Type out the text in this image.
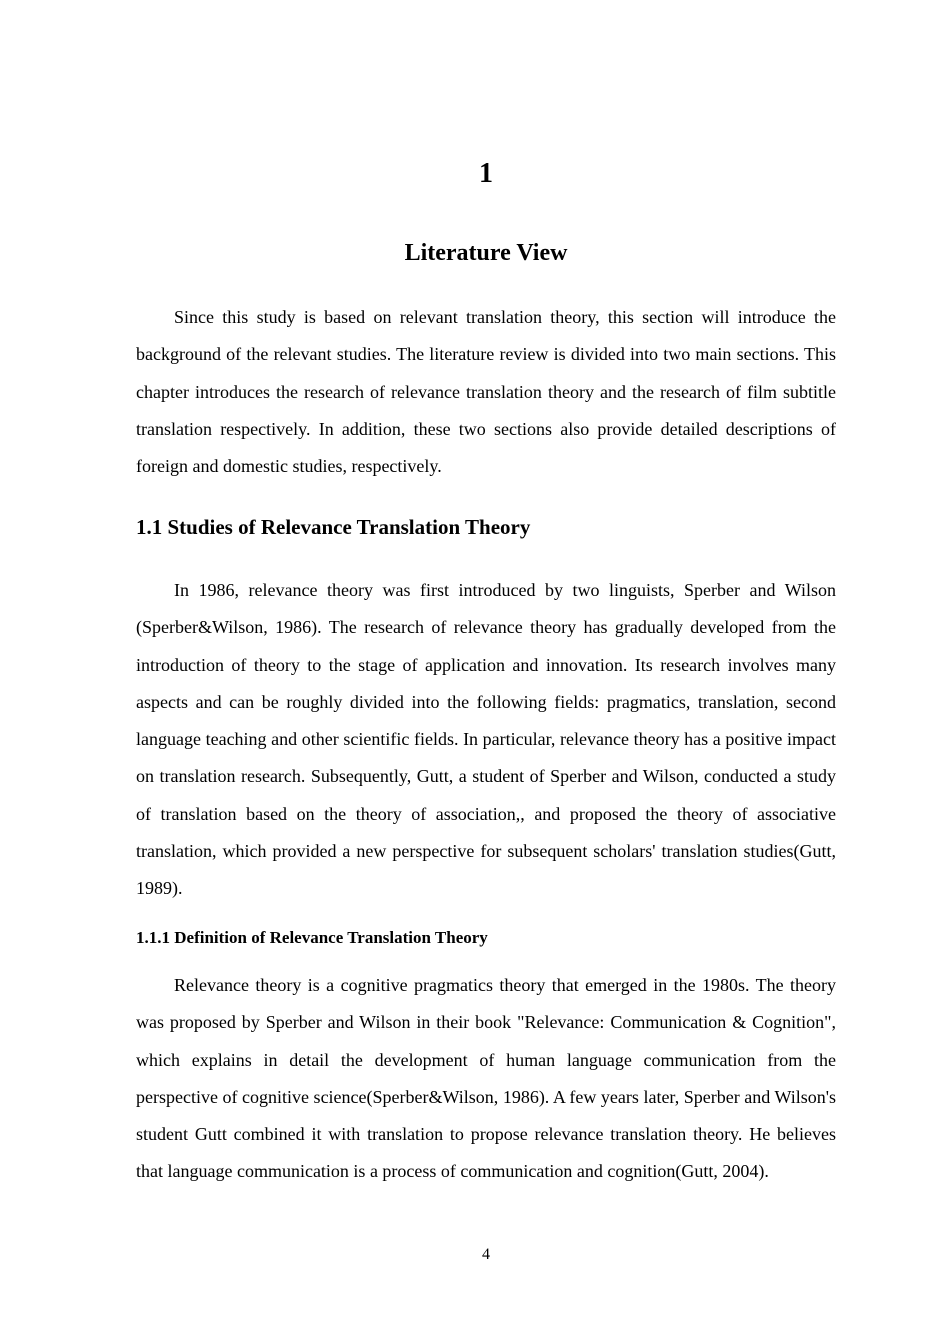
1
Literature View

Since this study is based on relevant translation theory, this section will introduce the background of the relevant studies. The literature review is divided into two main sections. This chapter introduces the research of relevance translation theory and the research of film subtitle translation respectively. In addition, these two sections also provide detailed descriptions of foreign and domestic studies, respectively.

1.1 Studies of Relevance Translation Theory

In 1986, relevance theory was first introduced by two linguists, Sperber and Wilson (Sperber&Wilson, 1986). The research of relevance theory has gradually developed from the introduction of theory to the stage of application and innovation. Its research involves many aspects and can be roughly divided into the following fields: pragmatics, translation, second language teaching and other scientific fields. In particular, relevance theory has a positive impact on translation research. Subsequently, Gutt, a student of Sperber and Wilson, conducted a study of translation based on the theory of association,, and proposed the theory of associative translation, which provided a new perspective for subsequent scholars' translation studies(Gutt, 1989).

1.1.1 Definition of Relevance Translation Theory

Relevance theory is a cognitive pragmatics theory that emerged in the 1980s. The theory was proposed by Sperber and Wilson in their book "Relevance: Communication & Cognition", which explains in detail the development of human language communication from the perspective of cognitive science(Sperber&Wilson, 1986). A few years later, Sperber and Wilson's student Gutt combined it with translation to propose relevance translation theory. He believes that language communication is a process of communication and cognition(Gutt, 2004).

4
